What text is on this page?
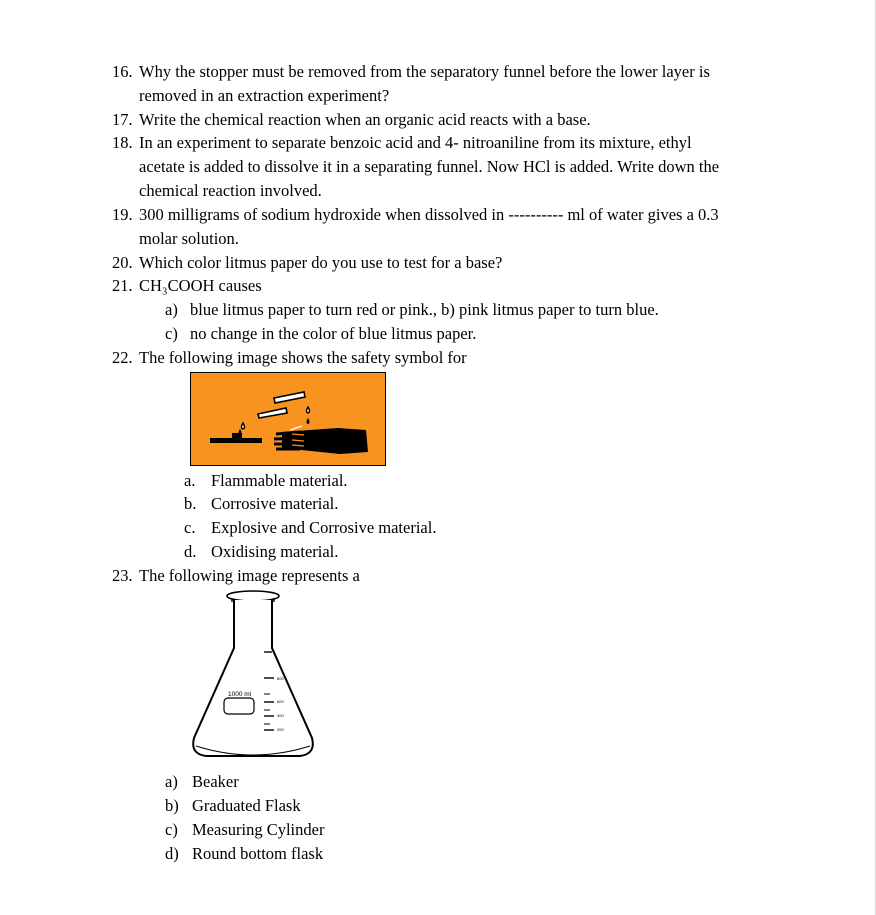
16. Why the stopper must be removed from the separatory funnel before the lower layer is
removed in an extraction experiment?
17. Write the chemical reaction when an organic acid reacts with a base.
18. In an experiment to separate benzoic acid and 4- nitroaniline from its mixture, ethyl
acetate is added to dissolve it in a separating funnel. Now HCl is added. Write down the
chemical reaction involved.
19. 300 milligrams of sodium hydroxide when dissolved in ---------- ml of water gives a 0.3
molar solution.
20. Which color litmus paper do you use to test for a base?
21. CH₃COOH causes
a) blue litmus paper to turn red or pink., b) pink litmus paper to turn blue.
c) no change in the color of blue litmus paper.
22. The following image shows the safety symbol for
a. Flammable material.
b. Corrosive material.
c. Explosive and Corrosive material.
d. Oxidising material.
23. The following image represents a
1000 ml
800
600
400
200
a) Beaker
b) Graduated Flask
c) Measuring Cylinder
d) Round bottom flask
